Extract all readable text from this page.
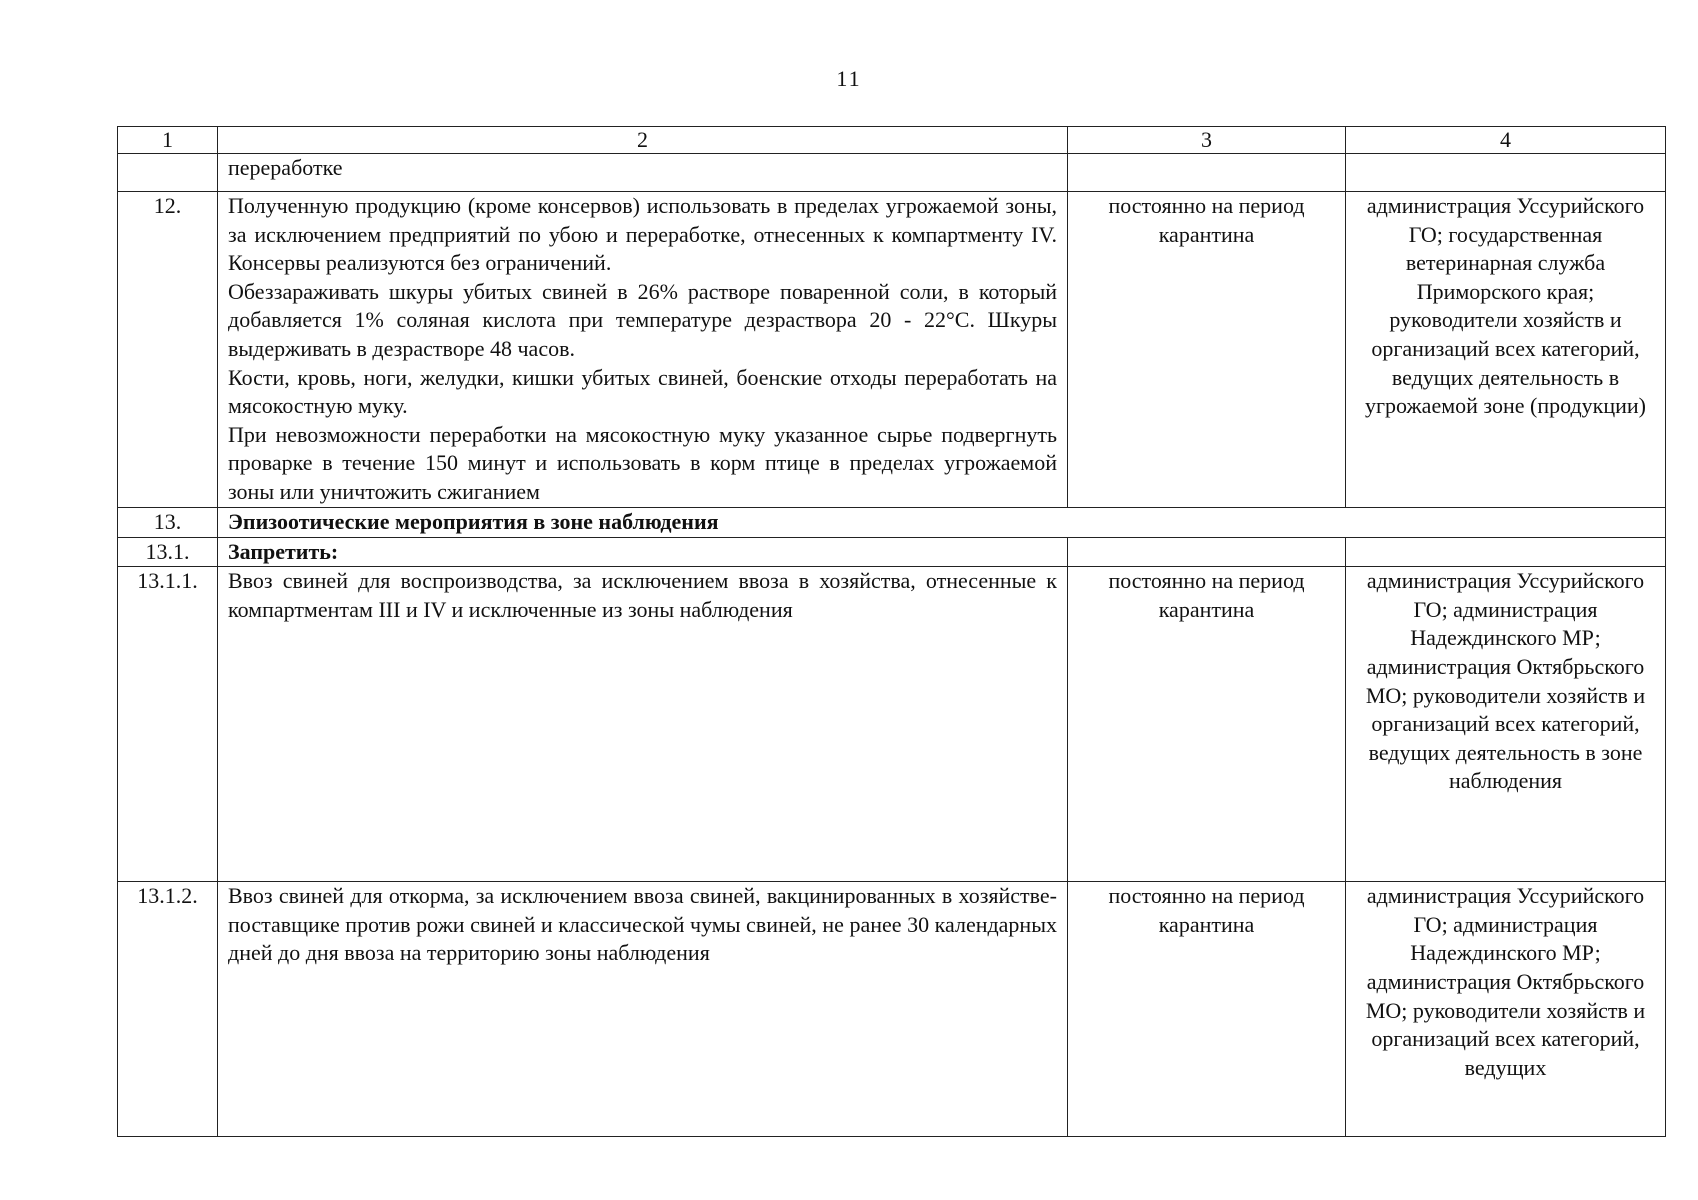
11
1	2	3	4
	переработке		
12.	Полученную продукцию (кроме консервов) использовать в пределах угрожаемой зоны, за исключением предприятий по убою и переработке, отнесенных к компартменту IV. Консервы реализуются без ограничений.
Обеззараживать шкуры убитых свиней в 26% растворе поваренной соли, в который добавляется 1% соляная кислота при температуре дезраствора 20 - 22°С. Шкуры выдерживать в дезрастворе 48 часов.
Кости, кровь, ноги, желудки, кишки убитых свиней, боенские отходы переработать на мясокостную муку.
При невозможности переработки на мясокостную муку указанное сырье подвергнуть проварке в течение 150 минут и использовать в корм птице в пределах угрожаемой зоны или уничтожить сжиганием	постоянно на период карантина	администрация Уссурийского ГО; государственная ветеринарная служба Приморского края; руководители хозяйств и организаций всех категорий, ведущих деятельность в угрожаемой зоне (продукции)
13.	Эпизоотические мероприятия в зоне наблюдения		
13.1.	Запретить:		
13.1.1.	Ввоз свиней для воспроизводства, за исключением ввоза в хозяйства, отнесенные к компартментам III и IV и исключенные из зоны наблюдения	постоянно на период карантина	администрация Уссурийского ГО; администрация Надеждинского МР; администрация Октябрьского МО; руководители хозяйств и организаций всех категорий, ведущих деятельность в зоне наблюдения
13.1.2.	Ввоз свиней для откорма, за исключением ввоза свиней, вакцинированных в хозяйстве-поставщике против рожи свиней и классической чумы свиней, не ранее 30 календарных дней до дня ввоза на территорию зоны наблюдения	постоянно на период карантина	администрация Уссурийского ГО; администрация Надеждинского МР; администрация Октябрьского МО; руководители хозяйств и организаций всех категорий, ведущих
